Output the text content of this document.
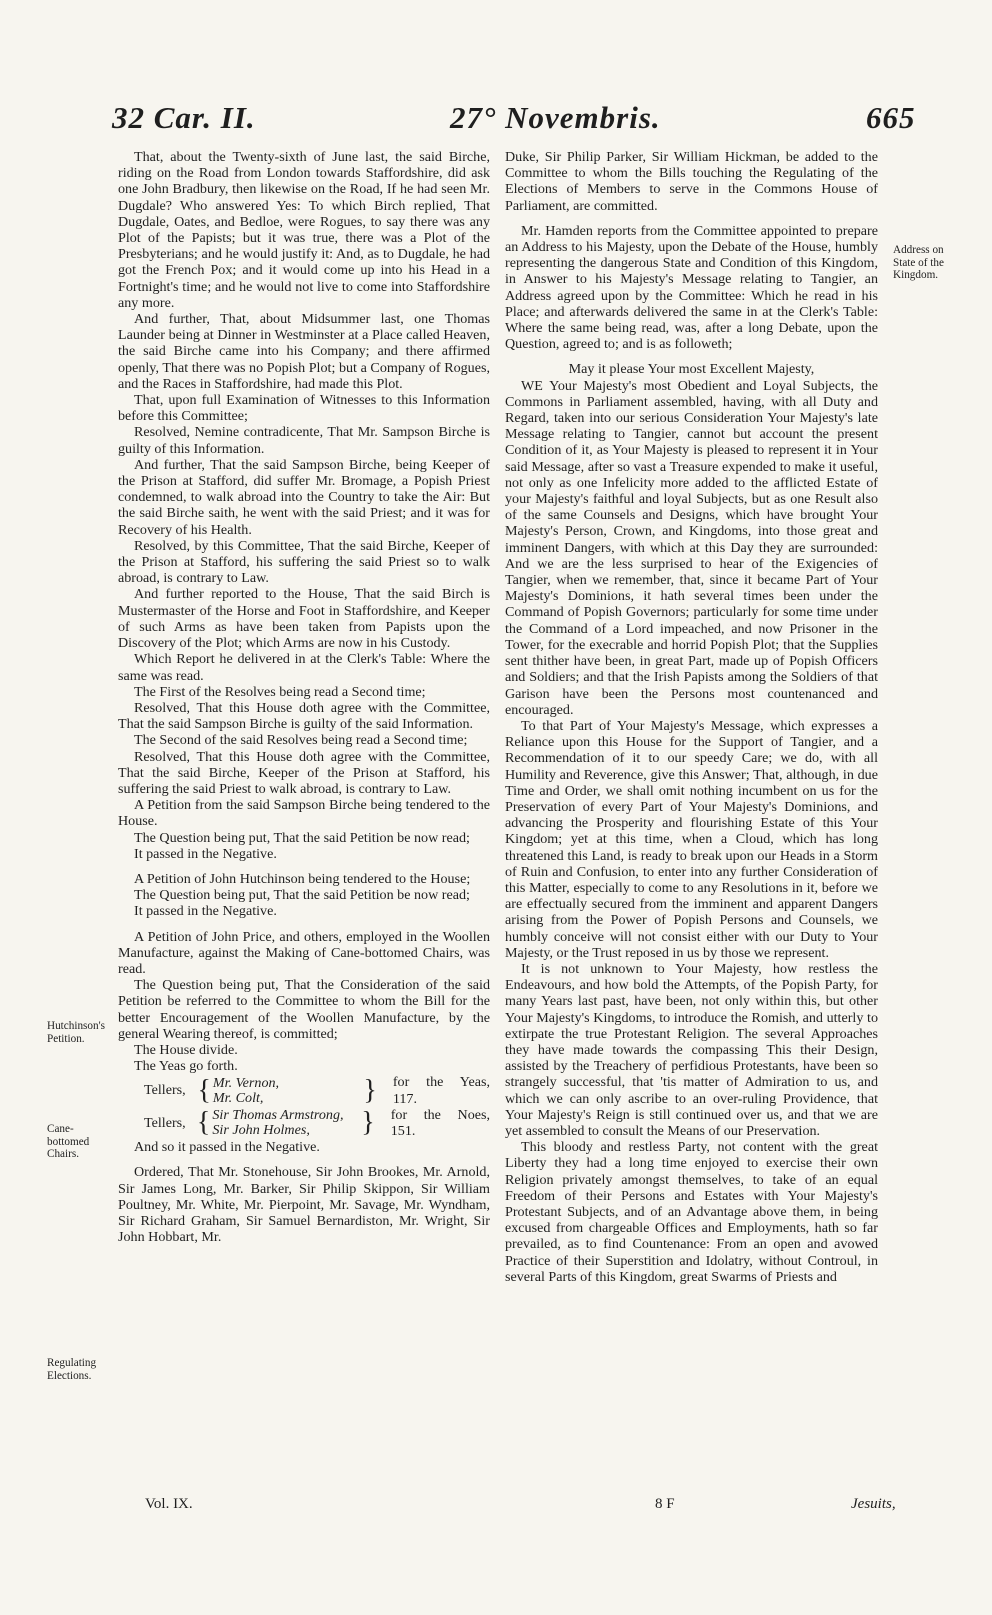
32 Car. II.	27° Novembris.	665
Hutchinson's Petition.
Cane-bottomed Chairs.
Regulating Elections.
Address on State of the Kingdom.

That, about the Twenty-sixth of June last, the said Birche, riding on the Road from London towards Staffordshire, did ask one John Bradbury, then likewise on the Road, If he had seen Mr. Dugdale? Who answered Yes: To which Birch replied, That Dugdale, Oates, and Bedloe, were Rogues, to say there was any Plot of the Papists; but it was true, there was a Plot of the Presbyterians; and he would justify it: And, as to Dugdale, he had got the French Pox; and it would come up into his Head in a Fortnight's time; and he would not live to come into Staffordshire any more.

And further, That, about Midsummer last, one Thomas Launder being at Dinner in Westminster at a Place called Heaven, the said Birche came into his Company; and there affirmed openly, That there was no Popish Plot; but a Company of Rogues, and the Races in Staffordshire, had made this Plot.

That, upon full Examination of Witnesses to this Information before this Committee;

Resolved, Nemine contradicente, That Mr. Sampson Birche is guilty of this Information.

And further, That the said Sampson Birche, being Keeper of the Prison at Stafford, did suffer Mr. Bromage, a Popish Priest condemned, to walk abroad into the Country to take the Air: But the said Birche saith, he went with the said Priest; and it was for Recovery of his Health.

Resolved, by this Committee, That the said Birche, Keeper of the Prison at Stafford, his suffering the said Priest so to walk abroad, is contrary to Law.

And further reported to the House, That the said Birch is Mustermaster of the Horse and Foot in Staffordshire, and Keeper of such Arms as have been taken from Papists upon the Discovery of the Plot; which Arms are now in his Custody.

Which Report he delivered in at the Clerk's Table: Where the same was read.

The First of the Resolves being read a Second time;

Resolved, That this House doth agree with the Committee, That the said Sampson Birche is guilty of the said Information.

The Second of the said Resolves being read a Second time;

Resolved, That this House doth agree with the Committee, That the said Birche, Keeper of the Prison at Stafford, his suffering the said Priest to walk abroad, is contrary to Law.

A Petition from the said Sampson Birche being tendered to the House.

The Question being put, That the said Petition be now read;

It passed in the Negative.

A Petition of John Hutchinson being tendered to the House;

The Question being put, That the said Petition be now read;

It passed in the Negative.

A Petition of John Price, and others, employed in the Woollen Manufacture, against the Making of Cane-bottomed Chairs, was read.

The Question being put, That the Consideration of the said Petition be referred to the Committee to whom the Bill for the better Encouragement of the Woollen Manufacture, by the general Wearing thereof, is committed;

The House divide.

The Yeas go forth.

Tellers, { Mr. Vernon,
Mr. Colt,	} for the Yeas, 117.
Tellers, { Sir Thomas Armstrong,
Sir John Holmes,	} for the Noes, 151.

And so it passed in the Negative.

Ordered, That Mr. Stonehouse, Sir John Brookes, Mr. Arnold, Sir James Long, Mr. Barker, Sir Philip Skippon, Sir William Poultney, Mr. White, Mr. Pierpoint, Mr. Savage, Mr. Wyndham, Sir Richard Graham, Sir Samuel Bernardiston, Mr. Wright, Sir John Hobbart, Mr.

Duke, Sir Philip Parker, Sir William Hickman, be added to the Committee to whom the Bills touching the Regulating of the Elections of Members to serve in the Commons House of Parliament, are committed.

Mr. Hamden reports from the Committee appointed to prepare an Address to his Majesty, upon the Debate of the House, humbly representing the dangerous State and Condition of this Kingdom, in Answer to his Majesty's Message relating to Tangier, an Address agreed upon by the Committee: Which he read in his Place; and afterwards delivered the same in at the Clerk's Table: Where the same being read, was, after a long Debate, upon the Question, agreed to; and is as followeth;

May it please Your most Excellent Majesty,

WE Your Majesty's most Obedient and Loyal Subjects, the Commons in Parliament assembled, having, with all Duty and Regard, taken into our serious Consideration Your Majesty's late Message relating to Tangier, cannot but account the present Condition of it, as Your Majesty is pleased to represent it in Your said Message, after so vast a Treasure expended to make it useful, not only as one Infelicity more added to the afflicted Estate of your Majesty's faithful and loyal Subjects, but as one Result also of the same Counsels and Designs, which have brought Your Majesty's Person, Crown, and Kingdoms, into those great and imminent Dangers, with which at this Day they are surrounded: And we are the less surprised to hear of the Exigencies of Tangier, when we remember, that, since it became Part of Your Majesty's Dominions, it hath several times been under the Command of Popish Governors; particularly for some time under the Command of a Lord impeached, and now Prisoner in the Tower, for the execrable and horrid Popish Plot; that the Supplies sent thither have been, in great Part, made up of Popish Officers and Soldiers; and that the Irish Papists among the Soldiers of that Garison have been the Persons most countenanced and encouraged.

To that Part of Your Majesty's Message, which expresses a Reliance upon this House for the Support of Tangier, and a Recommendation of it to our speedy Care; we do, with all Humility and Reverence, give this Answer; That, although, in due Time and Order, we shall omit nothing incumbent on us for the Preservation of every Part of Your Majesty's Dominions, and advancing the Prosperity and flourishing Estate of this Your Kingdom; yet at this time, when a Cloud, which has long threatened this Land, is ready to break upon our Heads in a Storm of Ruin and Confusion, to enter into any further Consideration of this Matter, especially to come to any Resolutions in it, before we are effectually secured from the imminent and apparent Dangers arising from the Power of Popish Persons and Counsels, we humbly conceive will not consist either with our Duty to Your Majesty, or the Trust reposed in us by those we represent.

It is not unknown to Your Majesty, how restless the Endeavours, and how bold the Attempts, of the Popish Party, for many Years last past, have been, not only within this, but other Your Majesty's Kingdoms, to introduce the Romish, and utterly to extirpate the true Protestant Religion. The several Approaches they have made towards the compassing This their Design, assisted by the Treachery of perfidious Protestants, have been so strangely successful, that 'tis matter of Admiration to us, and which we can only ascribe to an over-ruling Providence, that Your Majesty's Reign is still continued over us, and that we are yet assembled to consult the Means of our Preservation.

This bloody and restless Party, not content with the great Liberty they had a long time enjoyed to exercise their own Religion privately amongst themselves, to take of an equal Freedom of their Persons and Estates with Your Majesty's Protestant Subjects, and of an Advantage above them, in being excused from chargeable Offices and Employments, hath so far prevailed, as to find Countenance: From an open and avowed Practice of their Superstition and Idolatry, without Controul, in several Parts of this Kingdom, great Swarms of Priests and

Vol. IX.	8 F	Jesuits,
